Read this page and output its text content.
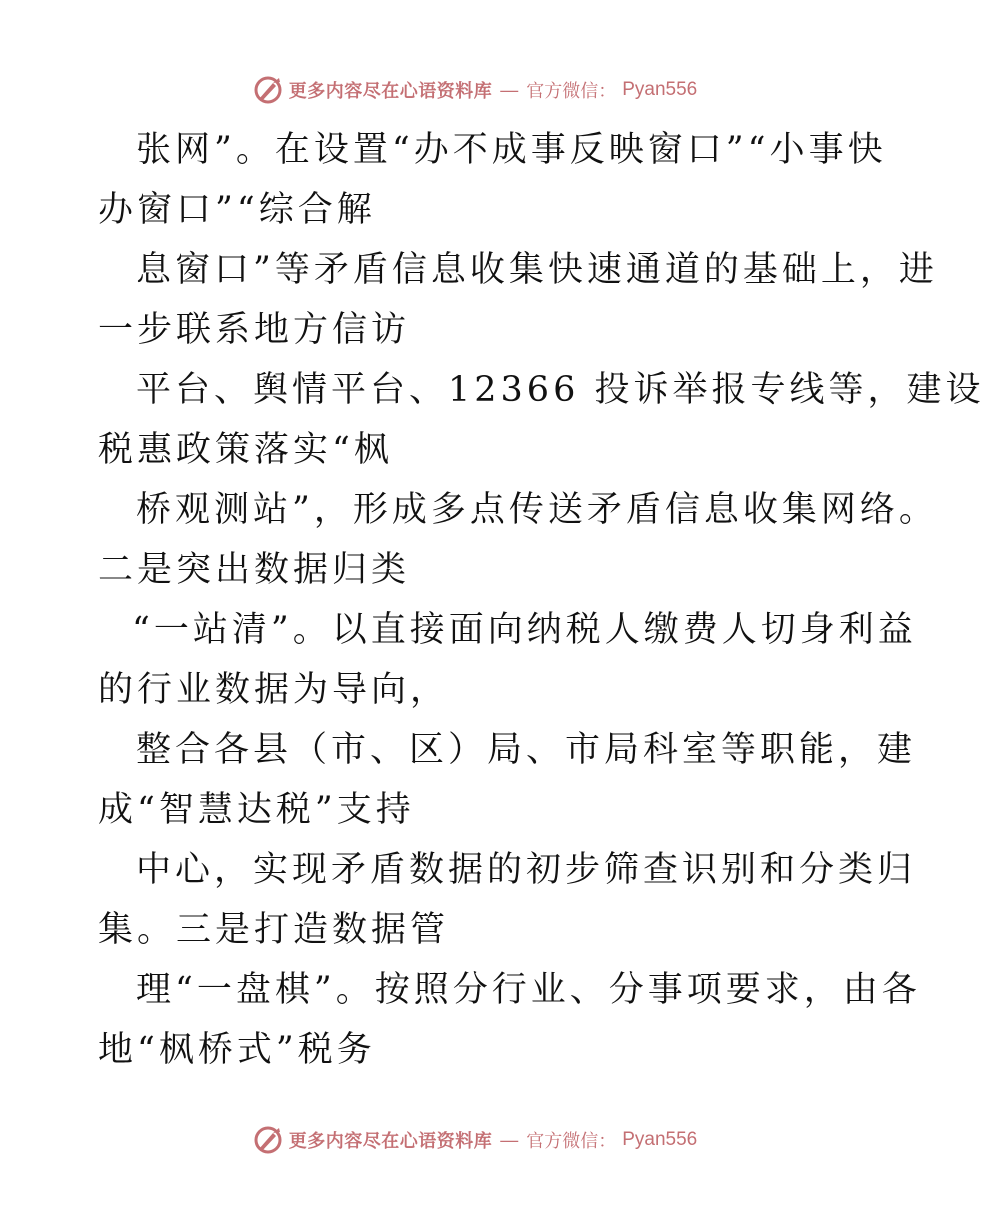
更多内容尽在心语资料库 — 官方微信： Pyan556
张网”。在设置“办不成事反映窗口”“小事快
办窗口”“综合解
息窗口”等矛盾信息收集快速通道的基础上，进
一步联系地方信访
平台、舆情平台、12366 投诉举报专线等，建设
税惠政策落实“枫
桥观测站”，形成多点传送矛盾信息收集网络。
二是突出数据归类
“一站清”。以直接面向纳税人缴费人切身利益
的行业数据为导向，
整合各县（市、区）局、市局科室等职能，建
成“智慧达税”支持
中心，实现矛盾数据的初步筛查识别和分类归
集。三是打造数据管
理“一盘棋”。按照分行业、分事项要求，由各
地“枫桥式”税务
更多内容尽在心语资料库 — 官方微信： Pyan556
